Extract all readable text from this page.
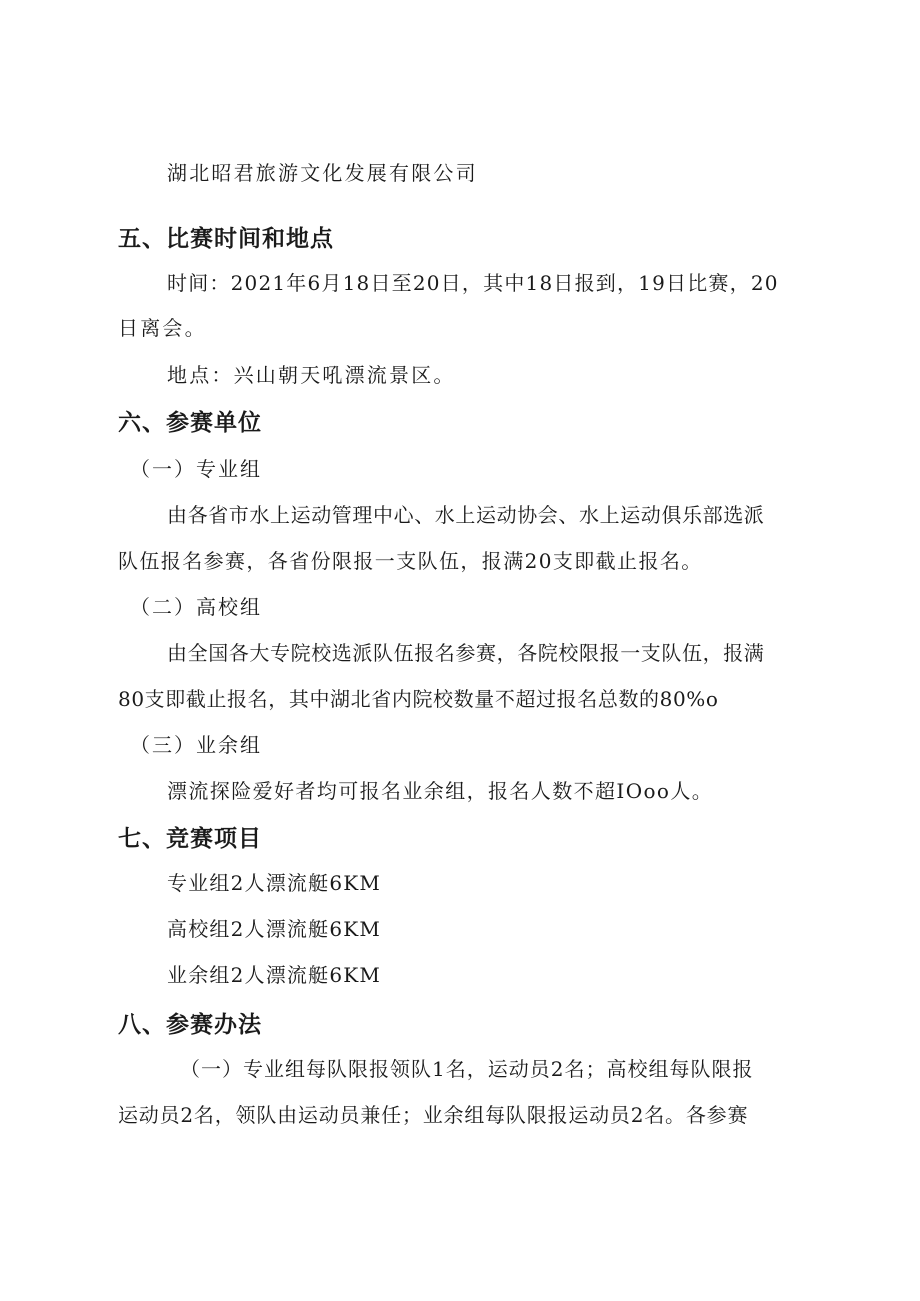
湖北昭君旅游文化发展有限公司

五、比赛时间和地点

时间：2021年6月18日至20日，其中18日报到，19日比赛，20

日离会。

地点：兴山朝天吼漂流景区。

六、参赛单位

（一）专业组

由各省市水上运动管理中心、水上运动协会、水上运动俱乐部选派

队伍报名参赛，各省份限报一支队伍，报满20支即截止报名。

（二）高校组

由全国各大专院校选派队伍报名参赛，各院校限报一支队伍，报满

80支即截止报名，其中湖北省内院校数量不超过报名总数的80%o

（三）业余组

漂流探险爱好者均可报名业余组，报名人数不超IOoo人。

七、竞赛项目

专业组2人漂流艇6KM

高校组2人漂流艇6KM

业余组2人漂流艇6KM

八、参赛办法

（一）专业组每队限报领队1名，运动员2名；高校组每队限报

运动员2名，领队由运动员兼任；业余组每队限报运动员2名。各参赛
